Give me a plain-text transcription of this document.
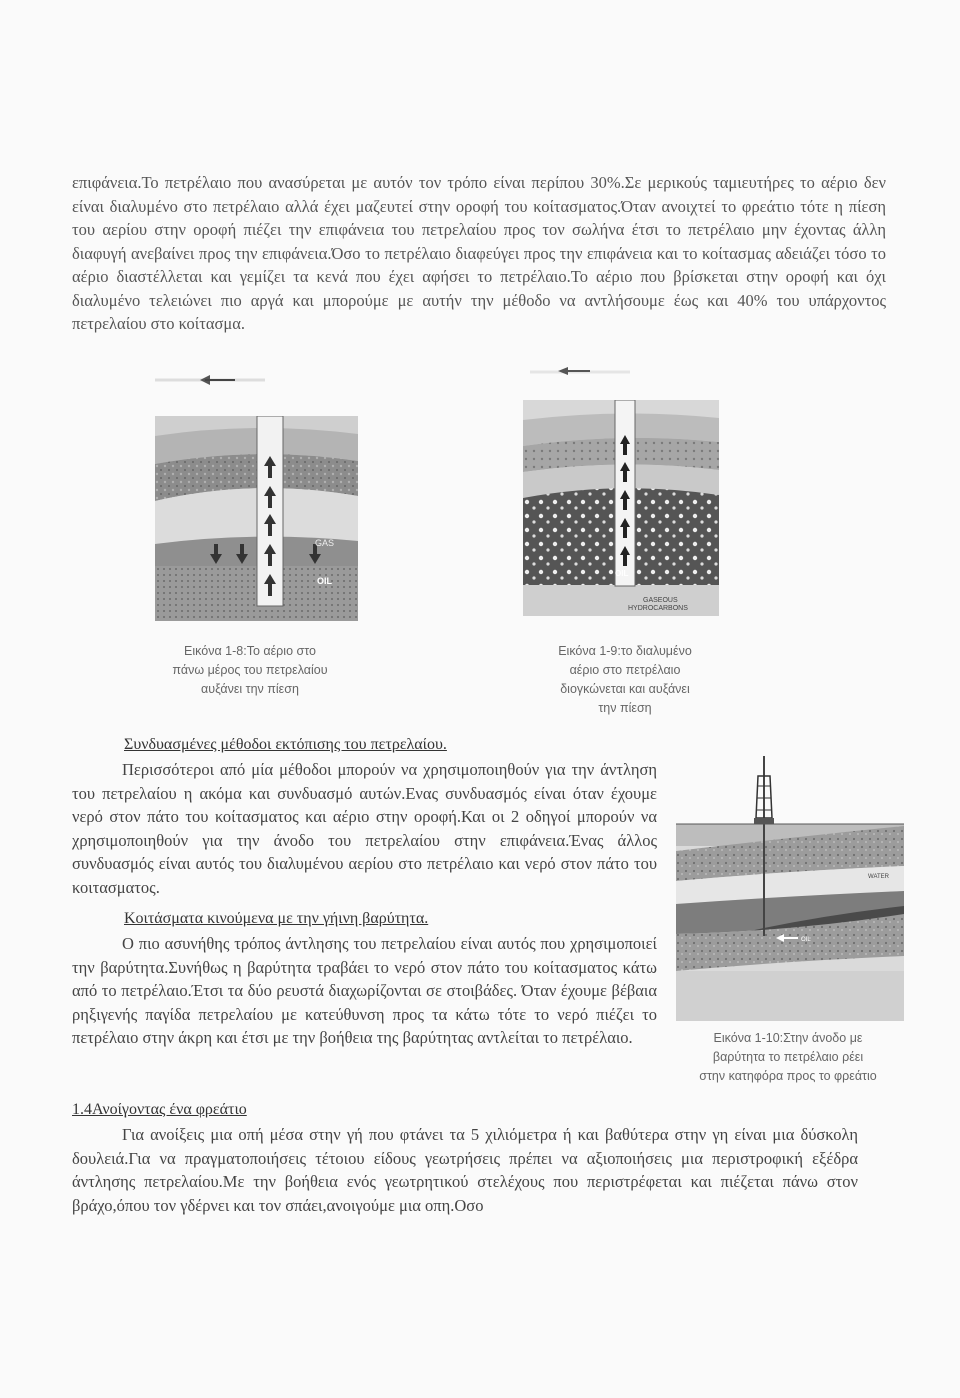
επιφάνεια.Το πετρέλαιο που ανασύρεται με αυτόν τον τρόπο είναι περίπου 30%.Σε μερικούς ταμιευτήρες το αέριο δεν είναι διαλυμένο στο πετρέλαιο αλλά έχει μαζευτεί στην οροφή του κοίτασματος.Όταν ανοιχτεί το φρεάτιο τότε η πίεση του αερίου στην οροφή πιέζει την επιφάνεια του πετρελαίου προς τον σωλήνα έτσι το πετρέλαιο μην έχοντας άλλη διαφυγή ανεβαίνει προς την επιφάνεια.Όσο το πετρέλαιο διαφεύγει προς την επιφάνεια και το κοίτασμας αδειάζει τόσο το αέριο διαστέλλεται και γεμίζει τα κενά που έχει αφήσει το πετρέλαιο.Το αέριο που βρίσκεται στην οροφή και όχι διαλυμένο τελειώνει πιο αργά και μπορούμε με αυτήν την μέθοδο να αντλήσουμε έως και 40% του υπάρχοντος πετρελαίου στο κοίτασμα.
GAS
OIL
Εικόνα 1-8:Το αέριο στο
πάνω μέρος του πετρελαίου
αυξάνει την πίεση
OIL
GASEOUS
HYDROCARBONS
Εικόνα 1-9:το διαλυμένο
αέριο στο πετρέλαιο
διογκώνεται και αυξάνει
την πίεση
Συνδυασμένες μέθοδοι εκτόπισης του πετρελαίου.
Περισσότεροι από μία μέθοδοι μπορούν να χρησιμοποιηθούν για την άντληση του πετρελαίου η ακόμα και συνδυασμό αυτών.Ενας συνδυασμός είναι όταν έχουμε νερό στον πάτο του κοίτασματος και αέριο στην οροφή.Και οι 2 οδηγοί μπορούν να χρησιμοποιηθούν για την άνοδο του πετρελαίου στην επιφάνεια.Ένας άλλος συνδυασμός είναι αυτός του διαλυμένου αερίου στο πετρέλαιο και νερό στον πάτο του κοιτασματος.
Κοιτάσματα κινούμενα με την γήινη βαρύτητα.
Ο πιο ασυνήθης τρόπος άντλησης του πετρελαίου είναι αυτός που χρησιμοποιεί την βαρύτητα.Συνήθως η βαρύτητα τραβάει το νερό στον πάτο του κοίτασματος κάτω από το πετρέλαιο.Έτσι τα δύο ρευστά διαχωρίζονται σε στοιβάδες. Όταν έχουμε βέβαια ρηξιγενής παγίδα πετρελαίου με κατεύθυνση προς τα κάτω τότε το νερό πιέζει το πετρέλαιο στην άκρη και έτσι με την βοήθεια της βαρύτητας αντλείται το πετρέλαιο.
WATER
OIL
Εικόνα 1-10:Στην άνοδο με
βαρύτητα το πετρέλαιο ρέει
στην κατηφόρα προς το φρεάτιο
1.4Ανοίγοντας ένα φρεάτιο
Για ανοίξεις μια οπή μέσα στην γή που φτάνει τα 5 χιλιόμετρα ή και βαθύτερα στην γη είναι μια δύσκολη δουλειά.Για να πραγματοποιήσεις τέτοιου είδους γεωτρήσεις πρέπει να αξιοποιήσεις μια περιστροφική εξέδρα άντλησης πετρελαίου.Με την βοήθεια ενός γεωτρητικού στελέχους που περιστρέφεται και πιέζεται πάνω στον βράχο,όπου τον γδέρνει και τον σπάει,ανοιγούμε μια οπη.Οσο
